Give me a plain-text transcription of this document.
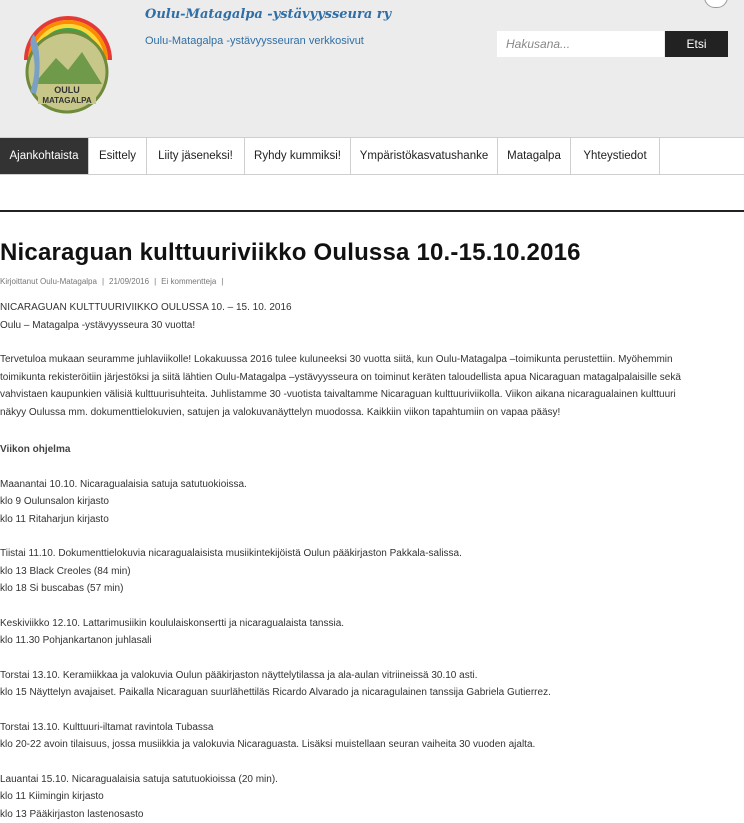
OULU
MATAGALPA
Oulu-Matagalpa -ystävyysseura ry
Oulu-Matagalpa -ystävyysseuran verkkosivut
Hakusana...	Etsi
Ajankohtaista	Esittely	Liity jäseneksi!	Ryhdy kummiksi!	Ympäristökasvatushanke	Matagalpa	Yhteystiedot
Nicaraguan kulttuuriviikko Oulussa 10.-15.10.2016
Kirjoittanut Oulu-Matagalpa | 21/09/2016 | Ei kommentteja |

NICARAGUAN KULTTUURIVIIKKO OULUSSA 10. – 15. 10. 2016

Oulu – Matagalpa -ystävyysseura 30 vuotta!

Tervetuloa mukaan seuramme juhlaviikolle! Lokakuussa 2016 tulee kuluneeksi 30 vuotta siitä, kun Oulu-Matagalpa –toimikunta perustettiin. Myöhemmin

toimikunta rekisteröitiin järjestöksi ja siitä lähtien Oulu-Matagalpa –ystävyysseura on toiminut keräten taloudellista apua Nicaraguan matagalpalaisille sekä

vahvistaen kaupunkien välisiä kulttuurisuhteita. Juhlistamme 30 -vuotista taivaltamme Nicaraguan kulttuuriviikolla. Viikon aikana nicaragualainen kulttuuri

näkyy Oulussa mm. dokumenttielokuvien, satujen ja valokuvanäyttelyn muodossa. Kaikkiin viikon tapahtumiin on vapaa pääsy!

Viikon ohjelma

Maanantai 10.10. Nicaragualaisia satuja satutuokioissa.

klo 9 Oulunsalon kirjasto

klo 11 Ritaharjun kirjasto

Tiistai 11.10. Dokumenttielokuvia nicaragualaisista musiikintekijöistä Oulun pääkirjaston Pakkala-salissa.

klo 13 Black Creoles (84 min)

klo 18 Si buscabas (57 min)

Keskiviikko 12.10. Lattarimusiikin koululaiskonsertti ja nicaragualaista tanssia.

klo 11.30 Pohjankartanon juhlasali

Torstai 13.10. Keramiikkaa ja valokuvia Oulun pääkirjaston näyttelytilassa ja ala-aulan vitriineissä 30.10 asti.

klo 15 Näyttelyn avajaiset. Paikalla Nicaraguan suurlähettiläs Ricardo Alvarado ja nicaragulainen tanssija Gabriela Gutierrez.

Torstai 13.10. Kulttuuri-iltamat ravintola Tubassa

klo 20-22 avoin tilaisuus, jossa musiikkia ja valokuvia Nicaraguasta. Lisäksi muistellaan seuran vaiheita 30 vuoden ajalta.

Lauantai 15.10. Nicaragualaisia satuja satutuokioissa (20 min).

klo 11 Kiimingin kirjasto

klo 13 Pääkirjaston lastenosasto
